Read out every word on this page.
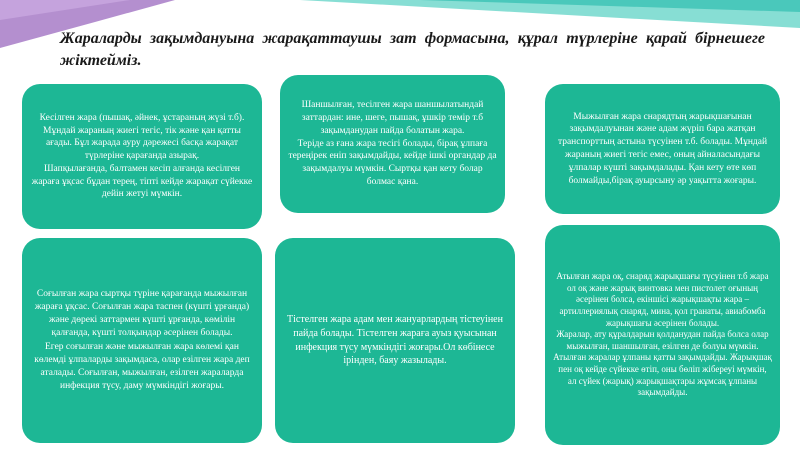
Жараларды зақымдануына жарақаттаушы зат формасына, құрал түрлеріне қарай бірнешеге жіктейміз.
Кесілген жара (пышақ, әйнек, ұстараның жүзі т.б). Мұндай жараның жиегі тегіс, тік және қан қатты ағады. Бұл жарада ауру дәрежесі басқа жарақат түрлеріне қарағанда азырақ.
Шапқылағанда, балтамен кесіп алғанда кесілген жараға ұқсас бұдан терең, тіпті кейде жарақат сүйекке дейін жетуі мүмкін.
Шаншылған, тесілген жара шаншылатындай заттардан: ине, шеге, пышақ, ұшкір темір т.б зақымданудан пайда болатын жара.
Теріде аз ғана жара тесігі болады, бірақ ұлпаға тереңірек еніп зақымдайды, кейде ішкі органдар да зақымдалуы мүмкін. Сыртқы қан кету болар болмас қана.
Мыжылған жара снарядтың жарықшағынан зақымдалуынан және адам жүріп бара жатқан транспорттың астына түсуінен т.б. болады. Мұндай жараның жиегі тегіс емес, оның айналасындағы ұлпалар күшті зақымдалады. Қан кету өте көп болмайды,бірақ ауырсыну әр уақытта жоғары.
Соғылған жара сыртқы түріне қарағанда мыжылған жараға ұқсас. Соғылған жара таспен (күшті ұрғанда) және дөрекі заттармен күшті ұрғанда, көмілін қалғанда, күшті толқындар әсерінен болады.
Егер соғылған және мыжылған жара көлемі қан көлемді ұлпаларды зақымдаса, олар езілген жара деп аталады. Соғылған, мыжылған, езілген жараларда инфекция түсу, даму мүмкіндігі жоғары.
Тістелген жара адам мен жануарлардың тістеуінен пайда болады. Тістелген жараға ауыз қуысынан инфекция түсу мүмкіндігі жоғары.Ол көбінесе ірінден, баяу жазылады.
Атылған жара оқ, снаряд жарықшағы түсуінен т.б жара ол оқ және жарық винтовка мен пистолет оғының әсерінен болса, екіншісі жарықшақты жара – артиллериялық снаряд, мина, қол гранаты, авиабомба жарықшағы әсерінен болады.
Жаралар, ату құралдарын қолданудан пайда болса олар мыжылған, шаншылған, езілген де болуы мүмкін. Атылған жаралар ұлпаны қатты зақымдайды. Жарықшақ пен оқ кейде сүйекке өтіп, оны бөліп жібереуі мүмкін, ал сүйек (жарық) жарықшақтары жұмсақ ұлпаны зақымдайды.
